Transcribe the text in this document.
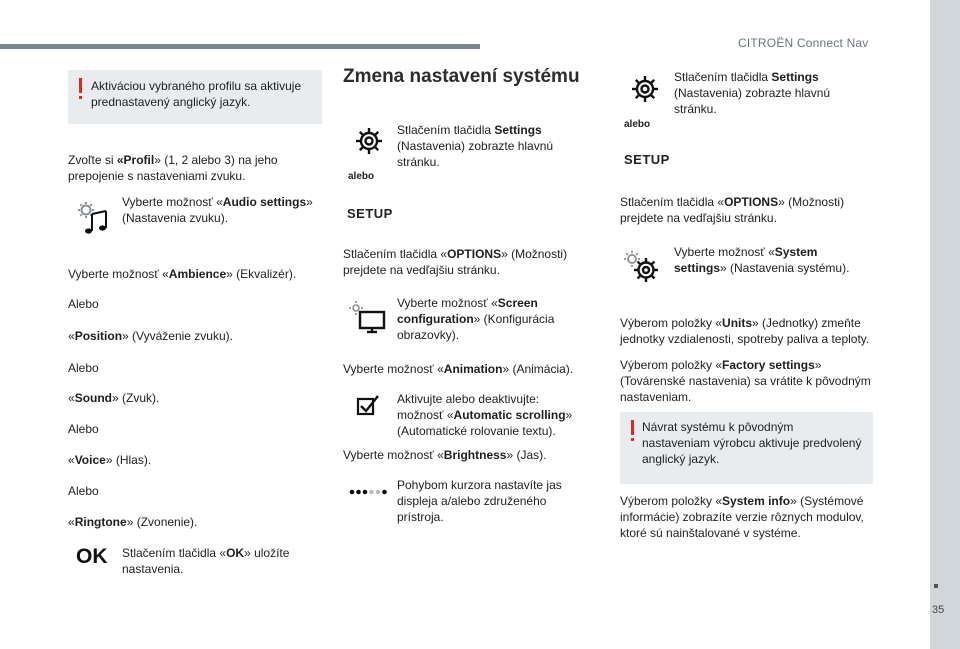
CITROËN Connect Nav
35
Aktiváciou vybraného profilu sa aktivuje prednastavený anglický jazyk.
Zvoľte si «Profil» (1, 2 alebo 3) na jeho prepojenie s nastaveniami zvuku.
Vyberte možnosť «Audio settings» (Nastavenia zvuku).
Vyberte možnosť «Ambience» (Ekvalizér).
Alebo
«Position» (Vyváženie zvuku).
Alebo
«Sound» (Zvuk).
Alebo
«Voice» (Hlas).
Alebo
«Ringtone» (Zvonenie).
OK Stlačením tlačidla «OK» uložíte nastavenia.
Zmena nastavení systému
alebo
SETUP
Stlačením tlačidla Settings (Nastavenia) zobrazte hlavnú stránku.
Stlačením tlačidla «OPTIONS» (Možnosti) prejdete na vedľajšiu stránku.
Vyberte možnosť «Screen configuration» (Konfigurácia obrazovky).
Vyberte možnosť «Animation» (Animácia).
Aktivujte alebo deaktivujte: možnosť «Automatic scrolling» (Automatické rolovanie textu).
Vyberte možnosť «Brightness» (Jas).
Pohybom kurzora nastavíte jas displeja a/alebo združeného prístroja.
alebo
SETUP
Stlačením tlačidla Settings (Nastavenia) zobrazte hlavnú stránku.
Stlačením tlačidla «OPTIONS» (Možnosti) prejdete na vedľajšiu stránku.
Vyberte možnosť «System settings» (Nastavenia systému).
Výberom položky «Units» (Jednotky) zmeňte jednotky vzdialenosti, spotreby paliva a teploty.
Výberom položky «Factory settings» (Továrenské nastavenia) sa vrátite k pôvodným nastaveniam.
Návrat systému k pôvodným nastaveniam výrobcu aktivuje predvolený anglický jazyk.
Výberom položky «System info» (Systémové informácie) zobrazíte verzie rôznych modulov, ktoré sú nainštalované v systéme.
